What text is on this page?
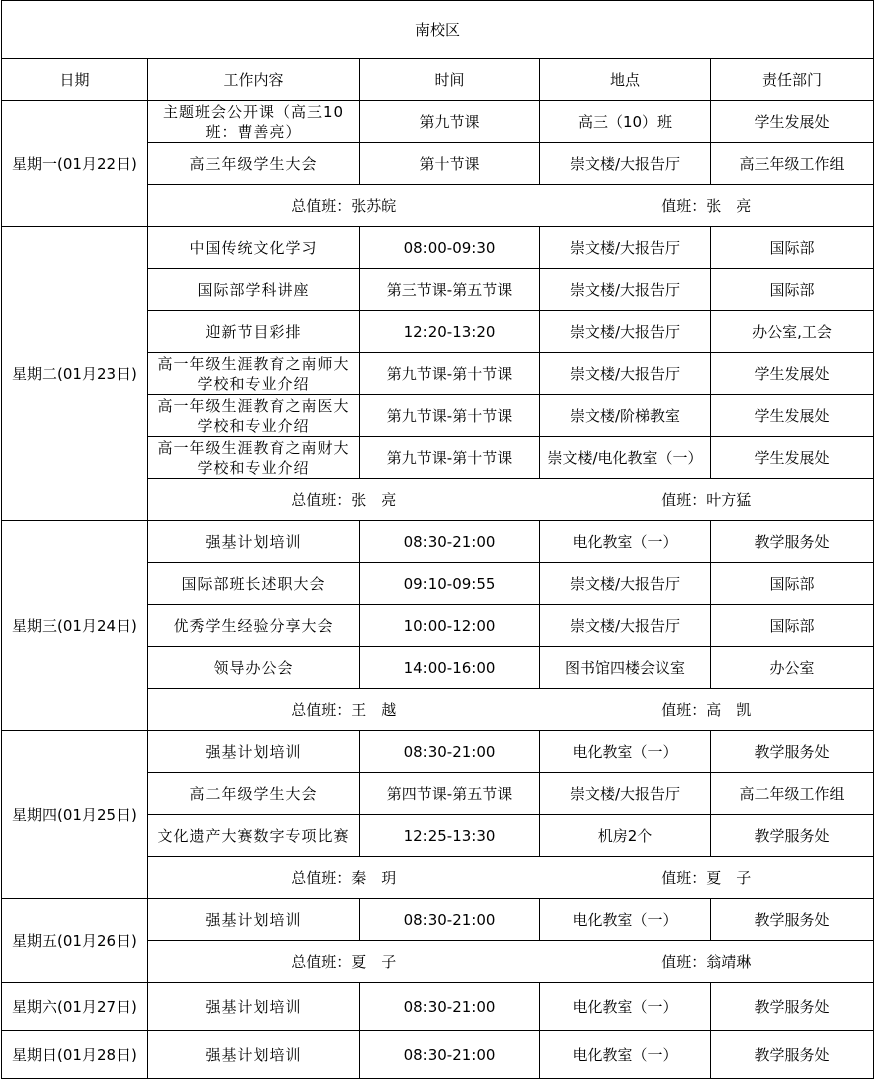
南校区				
日期	工作内容	时间	地点	责任部门
星期一(01月22日)	主题班会公开课（高三10班：曹善亮）	第九节课	高三（10）班	学生发展处
	高三年级学生大会	第十节课	崇文楼/大报告厅	高三年级工作组
	总值班：张苏皖		值班：张　亮	
星期二(01月23日)	中国传统文化学习	08:00-09:30	崇文楼/大报告厅	国际部
	国际部学科讲座	第三节课-第五节课	崇文楼/大报告厅	国际部
	迎新节目彩排	12:20-13:20	崇文楼/大报告厅	办公室,工会
	高一年级生涯教育之南师大学校和专业介绍	第九节课-第十节课	崇文楼/大报告厅	学生发展处
	高一年级生涯教育之南医大学校和专业介绍	第九节课-第十节课	崇文楼/阶梯教室	学生发展处
	高一年级生涯教育之南财大学校和专业介绍	第九节课-第十节课	崇文楼/电化教室（一）	学生发展处
	总值班：张　亮		值班：叶方猛	
星期三(01月24日)	强基计划培训	08:30-21:00	电化教室（一）	教学服务处
	国际部班长述职大会	09:10-09:55	崇文楼/大报告厅	国际部
	优秀学生经验分享大会	10:00-12:00	崇文楼/大报告厅	国际部
	领导办公会	14:00-16:00	图书馆四楼会议室	办公室
	总值班：王　越		值班：高　凯	
星期四(01月25日)	强基计划培训	08:30-21:00	电化教室（一）	教学服务处
	高二年级学生大会	第四节课-第五节课	崇文楼/大报告厅	高二年级工作组
	文化遗产大赛数字专项比赛	12:25-13:30	机房2个	教学服务处
	总值班：秦　玥		值班：夏　子	
星期五(01月26日)	强基计划培训	08:30-21:00	电化教室（一）	教学服务处
	总值班：夏　子		值班：翁靖琳	
星期六(01月27日)	强基计划培训	08:30-21:00	电化教室（一）	教学服务处
星期日(01月28日)	强基计划培训	08:30-21:00	电化教室（一）	教学服务处
